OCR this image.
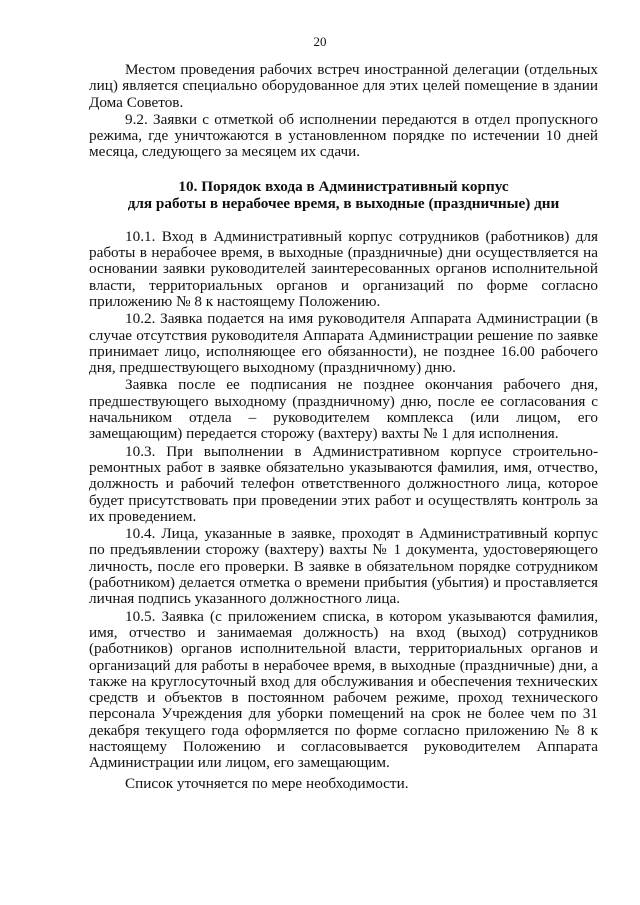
20

Местом проведения рабочих встреч иностранной делегации (отдельных лиц) является специально оборудованное для этих целей помещение в здании Дома Советов.

9.2. Заявки с отметкой об исполнении передаются в отдел пропускного режима, где уничтожаются в установленном порядке по истечении 10 дней месяца, следующего за месяцем их сдачи.

10. Порядок входа в Административный корпус
для работы в нерабочее время, в выходные (праздничные) дни

10.1. Вход в Административный корпус сотрудников (работников) для работы в нерабочее время, в выходные (праздничные) дни осуществляется на основании заявки руководителей заинтересованных органов исполнительной власти, территориальных органов и организаций по форме согласно приложению № 8 к настоящему Положению.

10.2. Заявка подается на имя руководителя Аппарата Администрации (в случае отсутствия руководителя Аппарата Администрации решение по заявке принимает лицо, исполняющее его обязанности), не позднее 16.00 рабочего дня, предшествующего выходному (праздничному) дню.

Заявка после ее подписания не позднее окончания рабочего дня, предшествующего выходному (праздничному) дню, после ее согласования с начальником отдела – руководителем комплекса (или лицом, его замещающим) передается сторожу (вахтеру) вахты № 1 для исполнения.

10.3. При выполнении в Административном корпусе строительно-ремонтных работ в заявке обязательно указываются фамилия, имя, отчество, должность и рабочий телефон ответственного должностного лица, которое будет присутствовать при проведении этих работ и осуществлять контроль за их проведением.

10.4. Лица, указанные в заявке, проходят в Административный корпус по предъявлении сторожу (вахтеру) вахты № 1 документа, удостоверяющего личность, после его проверки. В заявке в обязательном порядке сотрудником (работником) делается отметка о времени прибытия (убытия) и проставляется личная подпись указанного должностного лица.

10.5. Заявка (с приложением списка, в котором указываются фамилия, имя, отчество и занимаемая должность) на вход (выход) сотрудников (работников) органов исполнительной власти, территориальных органов и организаций для работы в нерабочее время, в выходные (праздничные) дни, а также на круглосуточный вход для обслуживания и обеспечения технических средств и объектов в постоянном рабочем режиме, проход технического персонала Учреждения для уборки помещений на срок не более чем по 31 декабря текущего года оформляется по форме согласно приложению № 8 к настоящему Положению и согласовывается руководителем Аппарата Администрации или лицом, его замещающим.

Список уточняется по мере необходимости.
